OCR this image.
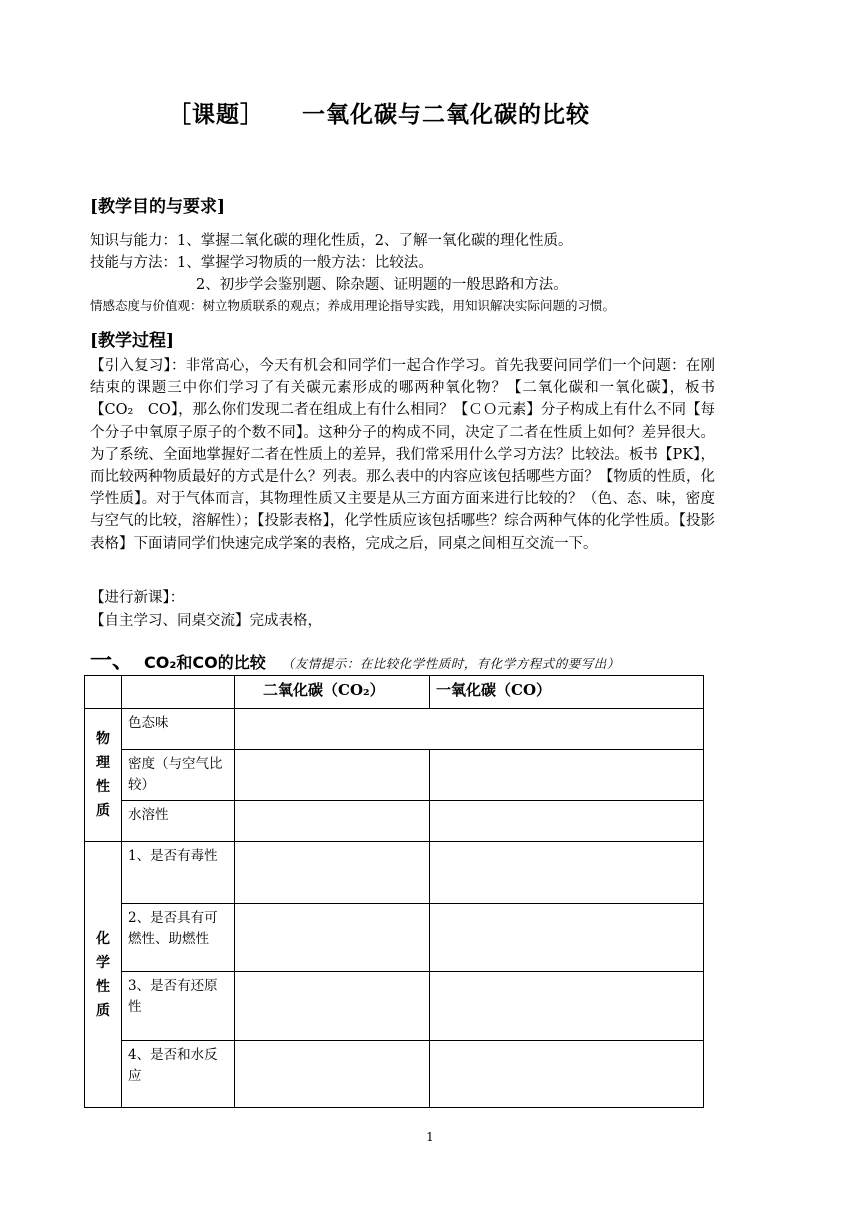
［课题］ 一氧化碳与二氧化碳的比较
[教学目的与要求]
知识与能力：1、掌握二氧化碳的理化性质，2、了解一氧化碳的理化性质。
技能与方法：1、掌握学习物质的一般方法：比较法。
2、初步学会鉴别题、除杂题、证明题的一般思路和方法。
情感态度与价值观：树立物质联系的观点；养成用理论指导实践，用知识解决实际问题的习惯。
[教学过程]
【引入复习】：非常高心，今天有机会和同学们一起合作学习。首先我要问同学们一个问题：在刚结束的课题三中你们学习了有关碳元素形成的哪两种氧化物？【二氧化碳和一氧化碳】，板书【CO₂　CO】，那么你们发现二者在组成上有什么相同？【ＣＯ元素】分子构成上有什么不同【每个分子中氧原子原子的个数不同】。这种分子的构成不同，决定了二者在性质上如何？差异很大。为了系统、全面地掌握好二者在性质上的差异，我们常采用什么学习方法？比较法。板书【PK】，而比较两种物质最好的方式是什么？列表。那么表中的内容应该包括哪些方面？【物质的性质，化学性质】。对于气体而言，其物理性质又主要是从三方面方面来进行比较的？（色、态、味，密度与空气的比较，溶解性）；【投影表格】，化学性质应该包括哪些？综合两种气体的化学性质。【投影表格】下面请同学们快速完成学案的表格，完成之后，同桌之间相互交流一下。
【进行新课】：
【自主学习、同桌交流】完成表格，
一、 CO₂和CO的比较 （友情提示：在比较化学性质时，有化学方程式的要写出）
		二氧化碳（CO₂）	一氧化碳（CO）
物
理
性
质	色态味		
	密度（与空气比较）		
	水溶性		
化
学
性
质	1、是否有毒性		
	2、是否具有可燃性、助燃性		
	3、是否有还原性		
	4、是否和水反应		
1
